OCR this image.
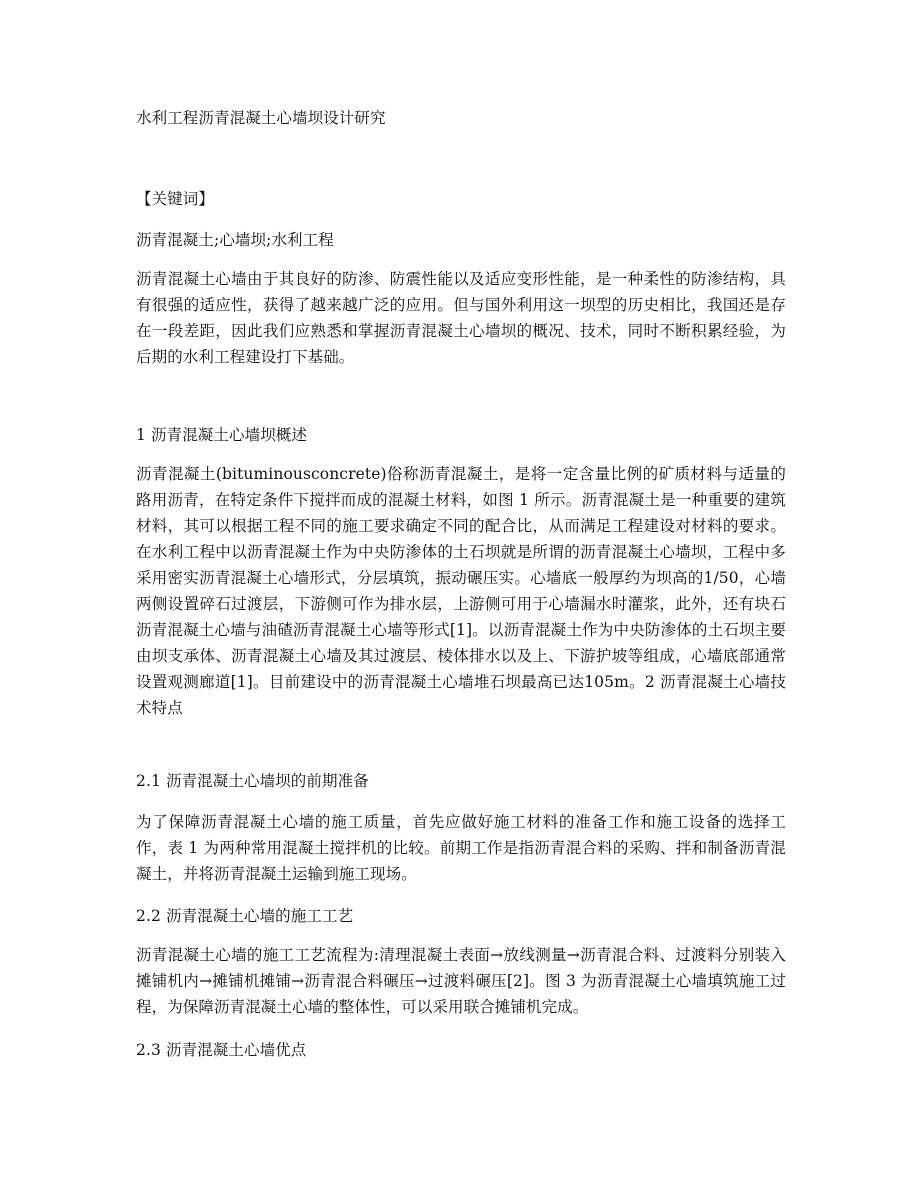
水利工程沥青混凝土心墙坝设计研究

【关键词】

沥青混凝土;心墙坝;水利工程

沥青混凝土心墙由于其良好的防渗、防震性能以及适应变形性能，是一种柔性的防渗结构，具有很强的适应性，获得了越来越广泛的应用。但与国外利用这一坝型的历史相比，我国还是存在一段差距，因此我们应熟悉和掌握沥青混凝土心墙坝的概况、技术，同时不断积累经验，为后期的水利工程建设打下基础。

1 沥青混凝土心墙坝概述

沥青混凝土(bituminousconcrete)俗称沥青混凝土，是将一定含量比例的矿质材料与适量的路用沥青，在特定条件下搅拌而成的混凝土材料，如图 1 所示。沥青混凝土是一种重要的建筑材料，其可以根据工程不同的施工要求确定不同的配合比，从而满足工程建设对材料的要求。在水利工程中以沥青混凝土作为中央防渗体的土石坝就是所谓的沥青混凝土心墙坝，工程中多采用密实沥青混凝土心墙形式，分层填筑，振动碾压实。心墙底一般厚约为坝高的1/50，心墙两侧设置碎石过渡层，下游侧可作为排水层，上游侧可用于心墙漏水时灌浆，此外，还有块石沥青混凝土心墙与油碴沥青混凝土心墙等形式[1]。以沥青混凝土作为中央防渗体的土石坝主要由坝支承体、沥青混凝土心墙及其过渡层、棱体排水以及上、下游护坡等组成，心墙底部通常设置观测廊道[1]。目前建设中的沥青混凝土心墙堆石坝最高已达105m。2 沥青混凝土心墙技术特点

2.1 沥青混凝土心墙坝的前期准备

为了保障沥青混凝土心墙的施工质量，首先应做好施工材料的准备工作和施工设备的选择工作，表 1 为两种常用混凝土搅拌机的比较。前期工作是指沥青混合料的采购、拌和制备沥青混凝土，并将沥青混凝土运输到施工现场。

2.2 沥青混凝土心墙的施工工艺

沥青混凝土心墙的施工工艺流程为:清理混凝土表面→放线测量→沥青混合料、过渡料分别装入摊铺机内→摊铺机摊铺→沥青混合料碾压→过渡料碾压[2]。图 3 为沥青混凝土心墙填筑施工过程，为保障沥青混凝土心墙的整体性，可以采用联合摊铺机完成。

2.3 沥青混凝土心墙优点
